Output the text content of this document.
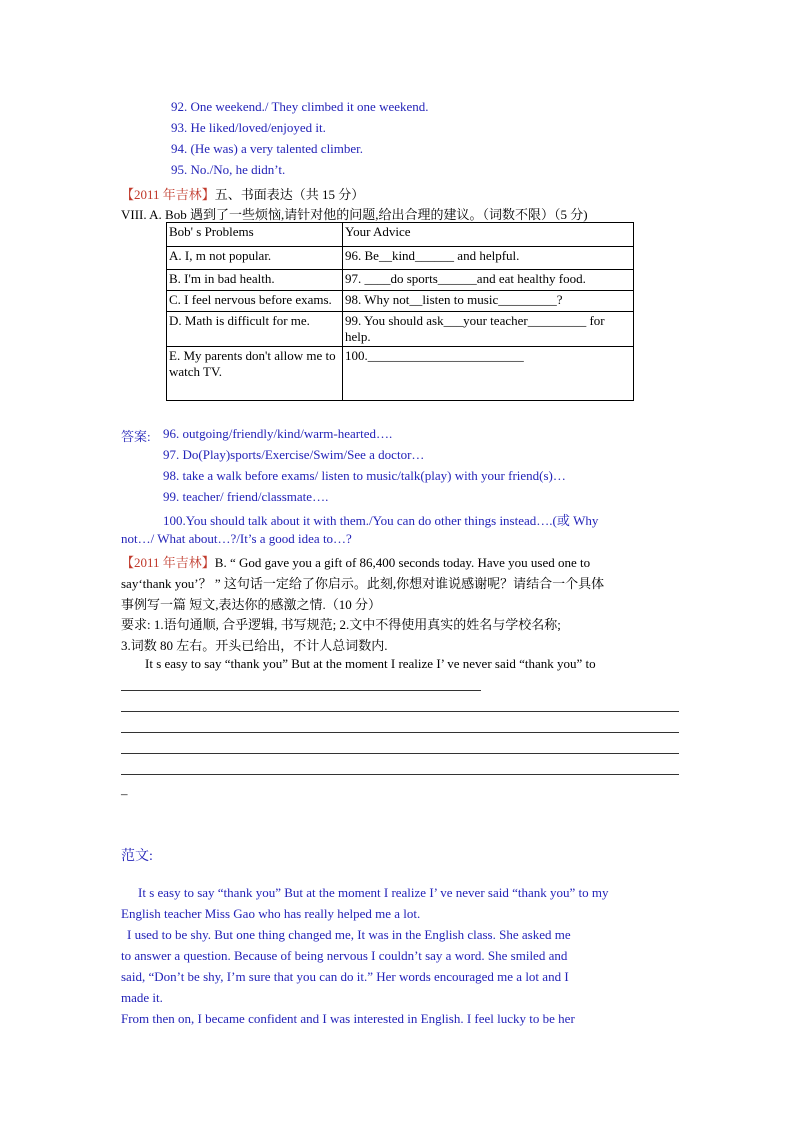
92. One weekend./ They climbed it one weekend.
93. He liked/loved/enjoyed it.
94. (He was) a very talented climber.
95. No./No, he didn’t.
【2011 年吉林】五、书面表达（共 15 分）
VIII. A. Bob 遇到了一些烦恼,请针对他的问题,给出合理的建议。（词数不限）（5 分)
Bob' s Problems	Your Advice
A. I, m not popular.	96. Be__kind______ and helpful.
B. I'm in bad health.	97. ____do sports______and eat healthy food.
C. I feel nervous before exams.	98. Why not__listen to music_________?
D. Math is difficult for me.	99. You should ask___your teacher_________ for help.
E. My parents don't allow me to watch TV.	100.________________________
答案: 96. outgoing/friendly/kind/warm-hearted….
97. Do(Play)sports/Exercise/Swim/See a doctor…
98. take a walk before exams/ listen to music/talk(play) with your friend(s)…
99. teacher/ friend/classmate….
100.You should talk about it with them./You can do other things instead….(或 Why
not…/ What about…?/It’s a good idea to…?
【2011 年吉林】B. “ God gave you a gift of 86,400 seconds today. Have you used one to
say‘thank you’？ ” 这句话一定给了你启示。此刻,你想对谁说感谢呢？请结合一个具体
事例写一篇 短文,表达你的感激之情.（10 分）
要求: 1.语句通顺, 合乎逻辑, 书写规范; 2.文中不得使用真实的姓名与学校名称;
3.词数 80 左右。开头已给出，不计人总词数内.
It s easy to say “thank you” But at the moment I realize I’ ve never said “thank you” to
–
范文:
It s easy to say “thank you” But at the moment I realize I’ ve never said “thank you” to my
English teacher Miss Gao who has really helped me a lot.
I used to be shy. But one thing changed me, It was in the English class. She asked me
to answer a question. Because of being nervous I couldn’t say a word. She smiled and
said, “Don’t be shy, I’m sure that you can do it.” Her words encouraged me a lot and I
made it.
From then on, I became confident and I was interested in English. I feel lucky to be her
